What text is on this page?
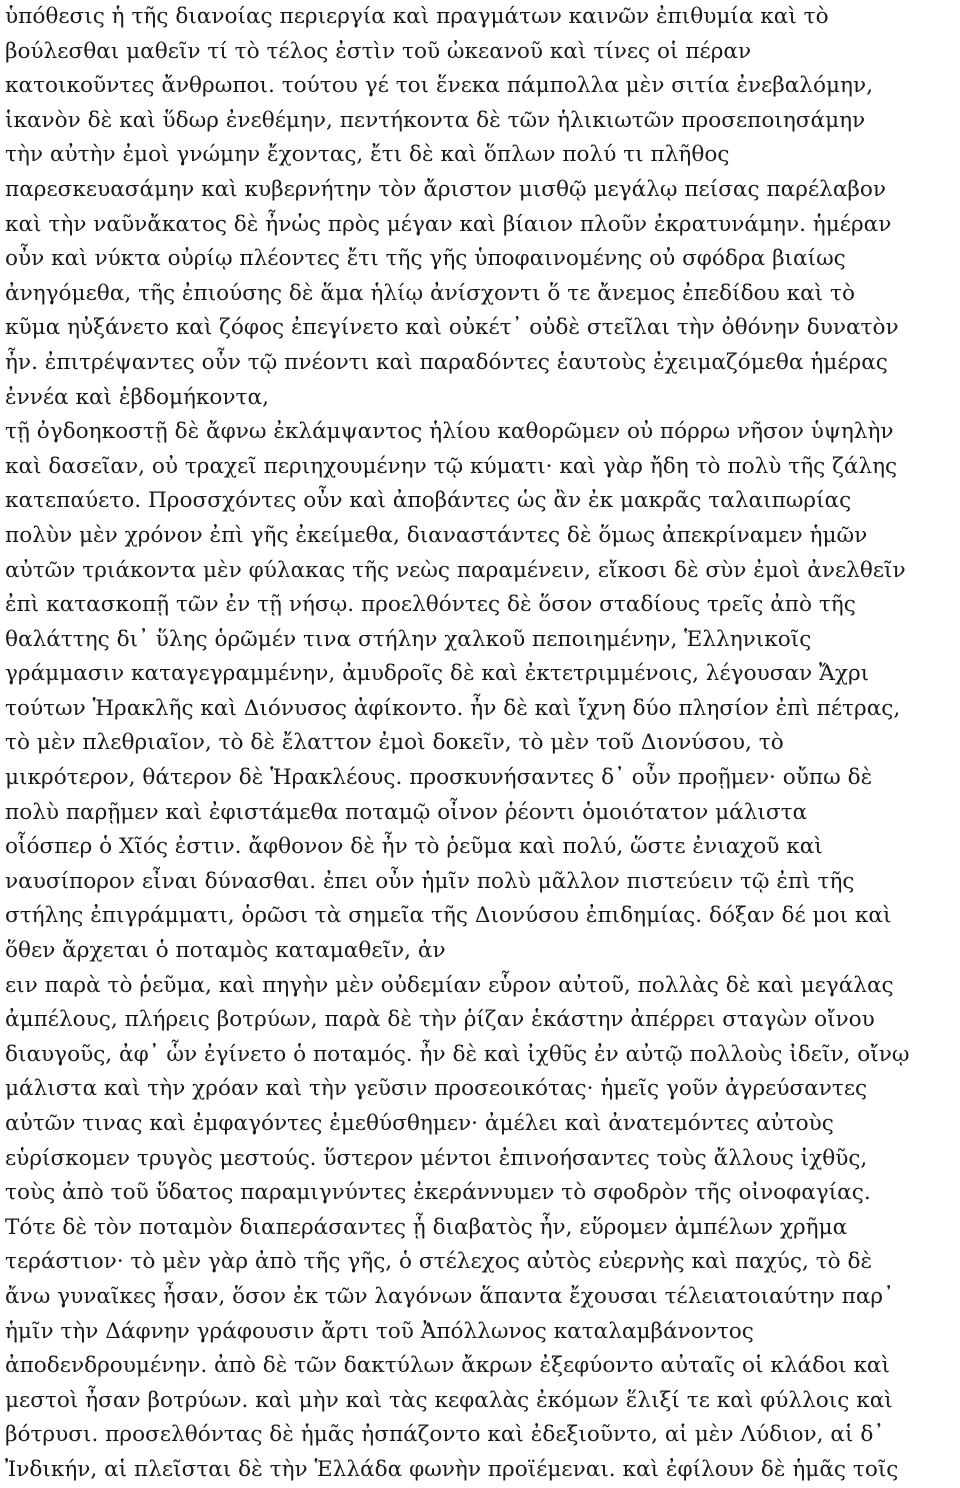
ὑπόθεσις ἡ τῆς διανοίας περιεργία καὶ πραγμάτων καινῶν ἐπιθυμία καὶ τὸ
βούλεσθαι μαθεῖν τί τὸ τέλος ἐστὶν τοῦ ὠκεανοῦ καὶ τίνες οἱ πέραν
κατοικοῦντες ἄνθρωποι. τούτου γέ τοι ἕνεκα πάμπολλα μὲν σιτία ἐνεβαλόμην,
ἱκανὸν δὲ καὶ ὕδωρ ἐνεθέμην, πεντήκοντα δὲ τῶν ἡλικιωτῶν προσεποιησάμην
τὴν αὐτὴν ἐμοὶ γνώμην ἔχοντας, ἔτι δὲ καὶ ὅπλων πολύ τι πλῆθος
παρεσκευασάμην καὶ κυβερνήτην τὸν ἄριστον μισθῷ μεγάλῳ πείσας παρέλαβον
καὶ τὴν ναῦνἄκατος δὲ ἦνὡς πρὸς μέγαν καὶ βίαιον πλοῦν ἐκρατυνάμην. ἡμέραν
οὖν καὶ νύκτα οὐρίῳ πλέοντες ἔτι τῆς γῆς ὑποφαινομένης οὐ σφόδρα βιαίως
ἀνηγόμεθα, τῆς ἐπιούσης δὲ ἅμα ἡλίῳ ἀνίσχοντι ὅ τε ἄνεμος ἐπεδίδου καὶ τὸ
κῦμα ηὐξάνετο καὶ ζόφος ἐπεγίνετο καὶ οὐκέτ᾽ οὐδὲ στεῖλαι τὴν ὀθόνην δυνατὸν
ἦν. ἐπιτρέψαντες οὖν τῷ πνέοντι καὶ παραδόντες ἑαυτοὺς ἐχειμαζόμεθα ἡμέρας
ἐννέα καὶ ἑβδομήκοντα,
τῇ ὀγδοηκοστῇ δὲ ἄφνω ἐκλάμψαντος ἡλίου καθορῶμεν οὐ πόρρω νῆσον ὑψηλὴν
καὶ δασεῖαν, οὐ τραχεῖ περιηχουμένην τῷ κύματι· καὶ γὰρ ἤδη τὸ πολὺ τῆς ζάλης
κατεπαύετο. Προσσχόντες οὖν καὶ ἀποβάντες ὡς ἂν ἐκ μακρᾶς ταλαιπωρίας
πολὺν μὲν χρόνον ἐπὶ γῆς ἐκείμεθα, διαναστάντες δὲ ὅμως ἀπεκρίναμεν ἡμῶν
αὐτῶν τριάκοντα μὲν φύλακας τῆς νεὼς παραμένειν, εἴκοσι δὲ σὺν ἐμοὶ ἀνελθεῖν
ἐπὶ κατασκοπῇ τῶν ἐν τῇ νήσῳ. προελθόντες δὲ ὅσον σταδίους τρεῖς ἀπὸ τῆς
θαλάττης δι᾽ ὕλης ὁρῶμέν τινα στήλην χαλκοῦ πεποιημένην, Ἑλληνικοῖς
γράμμασιν καταγεγραμμένην, ἀμυδροῖς δὲ καὶ ἐκτετριμμένοις, λέγουσαν Ἄχρι
τούτων Ἡρακλῆς καὶ Διόνυσος ἀφίκοντο. ἦν δὲ καὶ ἴχνη δύο πλησίον ἐπὶ πέτρας,
τὸ μὲν πλεθριαῖον, τὸ δὲ ἔλαττον ἐμοὶ δοκεῖν, τὸ μὲν τοῦ Διονύσου, τὸ
μικρότερον, θάτερον δὲ Ἡρακλέους. προσκυνήσαντες δ᾽ οὖν προῇμεν· οὔπω δὲ
πολὺ παρῇμεν καὶ ἐφιστάμεθα ποταμῷ οἶνον ῥέοντι ὁμοιότατον μάλιστα
οἷόσπερ ὁ Χῖός ἐστιν. ἄφθονον δὲ ἦν τὸ ῥεῦμα καὶ πολύ, ὥστε ἐνιαχοῦ καὶ
ναυσίπορον εἶναι δύνασθαι. ἐπει οὖν ἡμῖν πολὺ μᾶλλον πιστεύειν τῷ ἐπὶ τῆς
στήλης ἐπιγράμματι, ὁρῶσι τὰ σημεῖα τῆς Διονύσου ἐπιδημίας. δόξαν δέ μοι καὶ
ὅθεν ἄρχεται ὁ ποταμὸς καταμαθεῖν, ἀν
ειν παρὰ τὸ ῥεῦμα, καὶ πηγὴν μὲν οὐδεμίαν εὗρον αὐτοῦ, πολλὰς δὲ καὶ μεγάλας
ἀμπέλους, πλήρεις βοτρύων, παρὰ δὲ τὴν ῥίζαν ἑκάστην ἀπέρρει σταγὼν οἴνου
διαυγοῦς, ἀφ᾽ ὧν ἐγίνετο ὁ ποταμός. ἦν δὲ καὶ ἰχθῦς ἐν αὐτῷ πολλοὺς ἰδεῖν, οἴνῳ
μάλιστα καὶ τὴν χρόαν καὶ τὴν γεῦσιν προσεοικότας· ἡμεῖς γοῦν ἀγρεύσαντες
αὐτῶν τινας καὶ ἐμφαγόντες ἐμεθύσθημεν· ἀμέλει καὶ ἀνατεμόντες αὐτοὺς
εὑρίσκομεν τρυγὸς μεστούς. ὕστερον μέντοι ἐπινοήσαντες τοὺς ἄλλους ἰχθῦς,
τοὺς ἀπὸ τοῦ ὕδατος παραμιγνύντες ἐκεράννυμεν τὸ σφοδρὸν τῆς οἰνοφαγίας.
Τότε δὲ τὸν ποταμὸν διαπεράσαντες ᾗ διαβατὸς ἦν, εὕρομεν ἀμπέλων χρῆμα
τεράστιον· τὸ μὲν γὰρ ἀπὸ τῆς γῆς, ὁ στέλεχος αὐτὸς εὐερνὴς καὶ παχύς, τὸ δὲ
ἄνω γυναῖκες ἦσαν, ὅσον ἐκ τῶν λαγόνων ἅπαντα ἔχουσαι τέλειατοιαύτην παρ᾽
ἡμῖν τὴν Δάφνην γράφουσιν ἄρτι τοῦ Ἀπόλλωνος καταλαμβάνοντος
ἀποδενδρουμένην. ἀπὸ δὲ τῶν δακτύλων ἄκρων ἐξεφύοντο αὐταῖς οἱ κλάδοι καὶ
μεστοὶ ἦσαν βοτρύων. καὶ μὴν καὶ τὰς κεφαλὰς ἐκόμων ἕλιξί τε καὶ φύλλοις καὶ
βότρυσι. προσελθόντας δὲ ἡμᾶς ἠσπάζοντο καὶ ἐδεξιοῦντο, αἱ μὲν Λύδιον, αἱ δ᾽
Ἰνδικήν, αἱ πλεῖσται δὲ τὴν Ἑλλάδα φωνὴν προϊέμεναι. καὶ ἐφίλουν δὲ ἡμᾶς τοῖς
